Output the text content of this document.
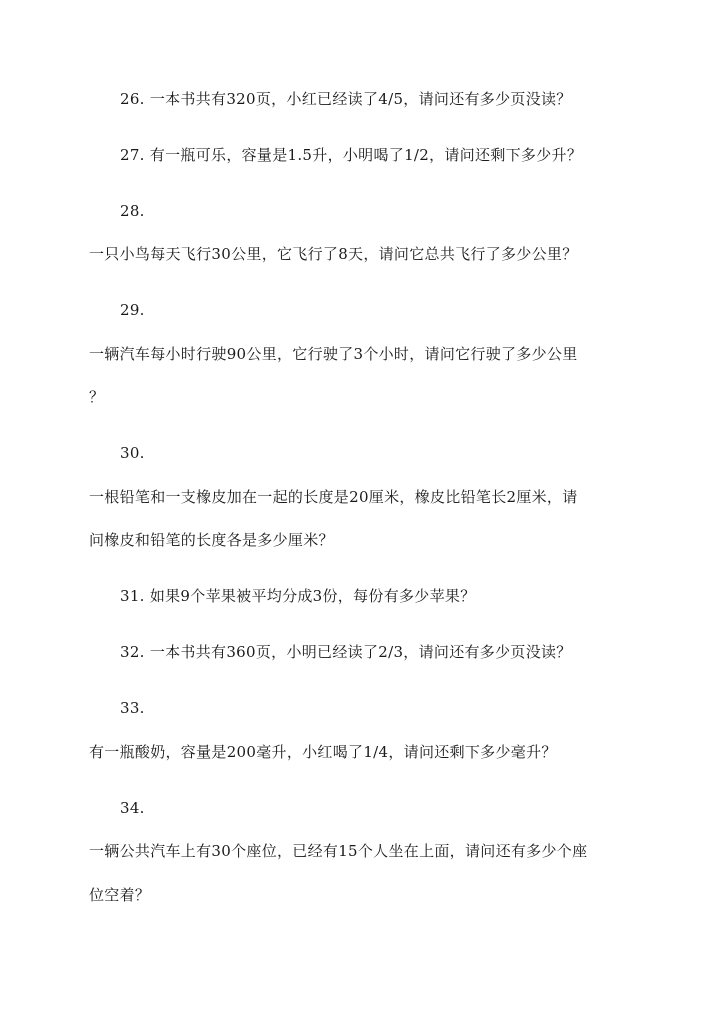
26. 一本书共有320页，小红已经读了4/5，请问还有多少页没读？
27. 有一瓶可乐，容量是1.5升，小明喝了1/2，请问还剩下多少升？
28.
一只小鸟每天飞行30公里，它飞行了8天，请问它总共飞行了多少公里？
29.
一辆汽车每小时行驶90公里，它行驶了3个小时，请问它行驶了多少公里
？
30.
一根铅笔和一支橡皮加在一起的长度是20厘米，橡皮比铅笔长2厘米，请
问橡皮和铅笔的长度各是多少厘米？
31. 如果9个苹果被平均分成3份，每份有多少苹果？
32. 一本书共有360页，小明已经读了2/3，请问还有多少页没读？
33.
有一瓶酸奶，容量是200毫升，小红喝了1/4，请问还剩下多少毫升？
34.
一辆公共汽车上有30个座位，已经有15个人坐在上面，请问还有多少个座
位空着？
